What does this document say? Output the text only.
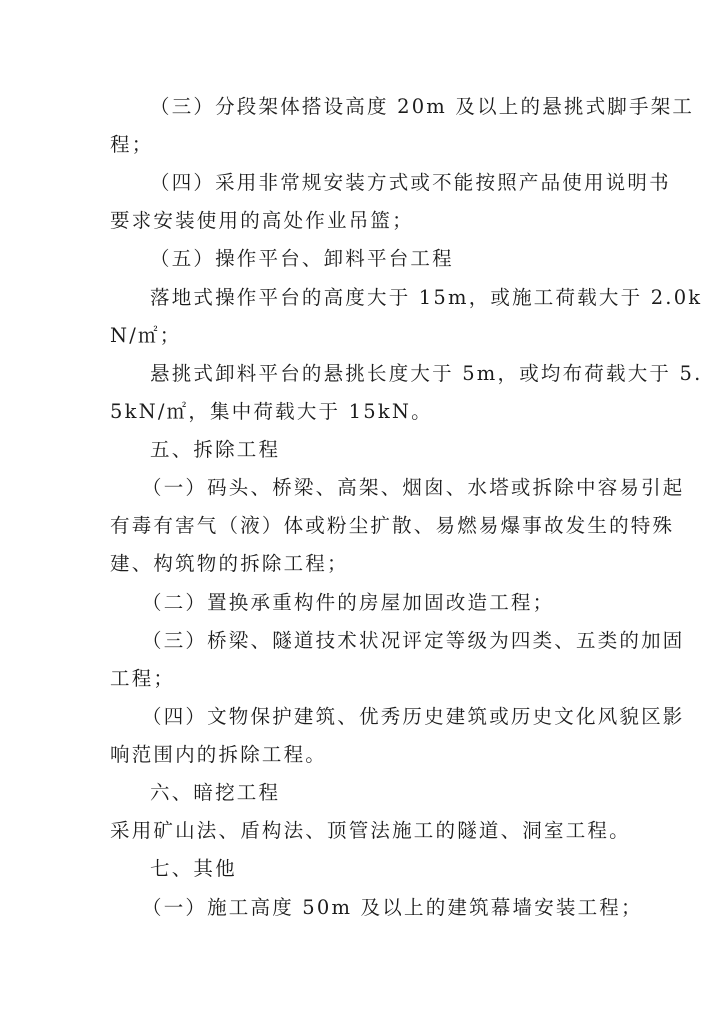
（三）分段架体搭设高度 20m 及以上的悬挑式脚手架工
程；
（四）采用非常规安装方式或不能按照产品使用说明书
要求安装使用的高处作业吊篮；
（五）操作平台、卸料平台工程
落地式操作平台的高度大于 15m，或施工荷载大于 2.0k
N/㎡；
悬挑式卸料平台的悬挑长度大于 5m，或均布荷载大于 5.
5kN/㎡，集中荷载大于 15kN。
五、拆除工程
（一）码头、桥梁、高架、烟囱、水塔或拆除中容易引起
有毒有害气（液）体或粉尘扩散、易燃易爆事故发生的特殊
建、构筑物的拆除工程；
（二）置换承重构件的房屋加固改造工程；
（三）桥梁、隧道技术状况评定等级为四类、五类的加固
工程；
（四）文物保护建筑、优秀历史建筑或历史文化风貌区影
响范围内的拆除工程。
六、暗挖工程
采用矿山法、盾构法、顶管法施工的隧道、洞室工程。
七、其他
（一）施工高度 50m 及以上的建筑幕墙安装工程；
